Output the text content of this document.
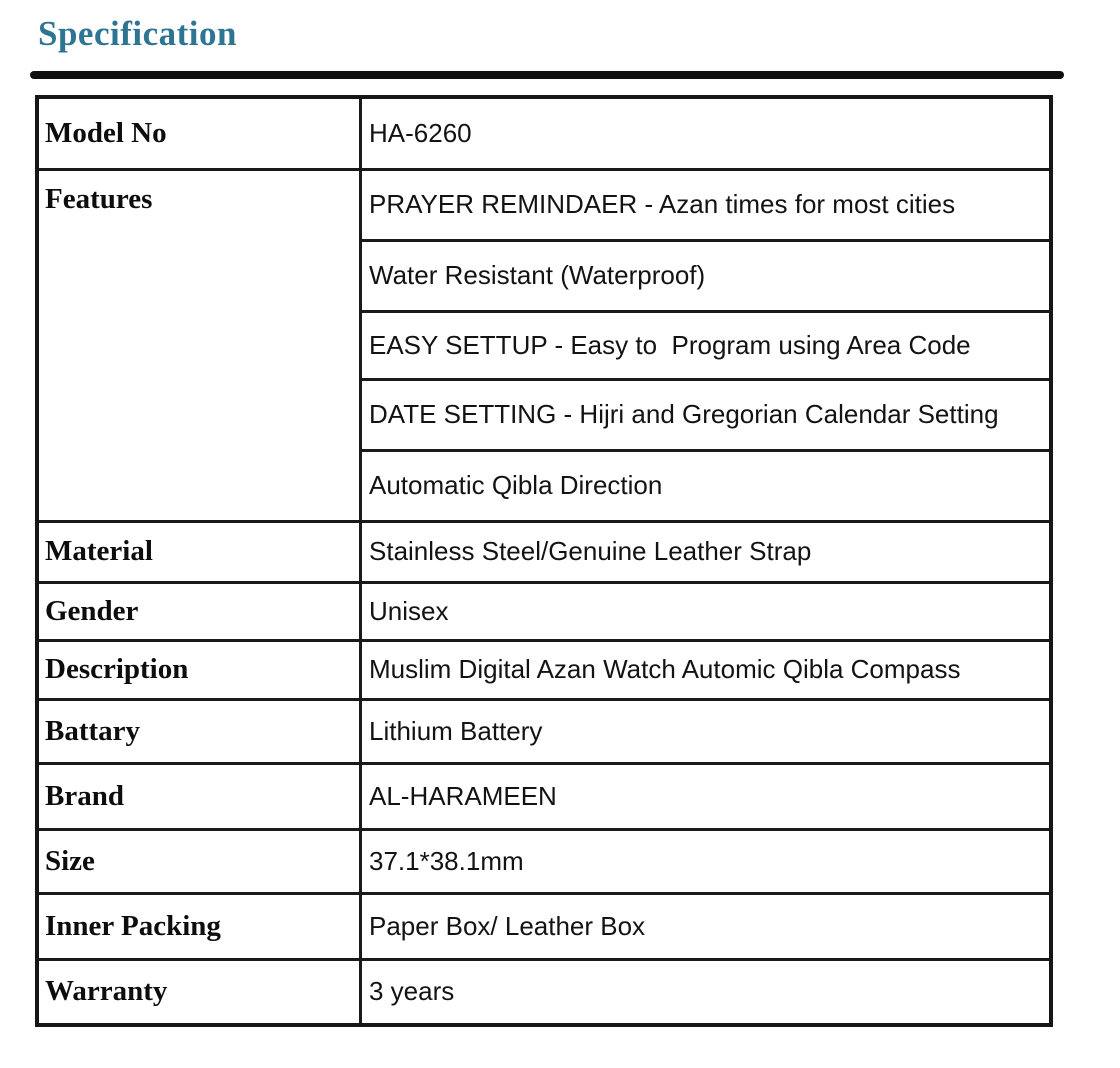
Specification
Model No	HA-6260
Features	PRAYER REMINDAER - Azan times for most cities
	Water Resistant (Waterproof)
	EASY SETTUP - Easy to  Program using Area Code
	DATE SETTING - Hijri and Gregorian Calendar Setting
	Automatic Qibla Direction
Material	Stainless Steel/Genuine Leather Strap
Gender	Unisex
Description	Muslim Digital Azan Watch Automic Qibla Compass
Battary	Lithium Battery
Brand	AL-HARAMEEN
Size	37.1*38.1mm
Inner Packing	Paper Box/ Leather Box
Warranty	3 years
